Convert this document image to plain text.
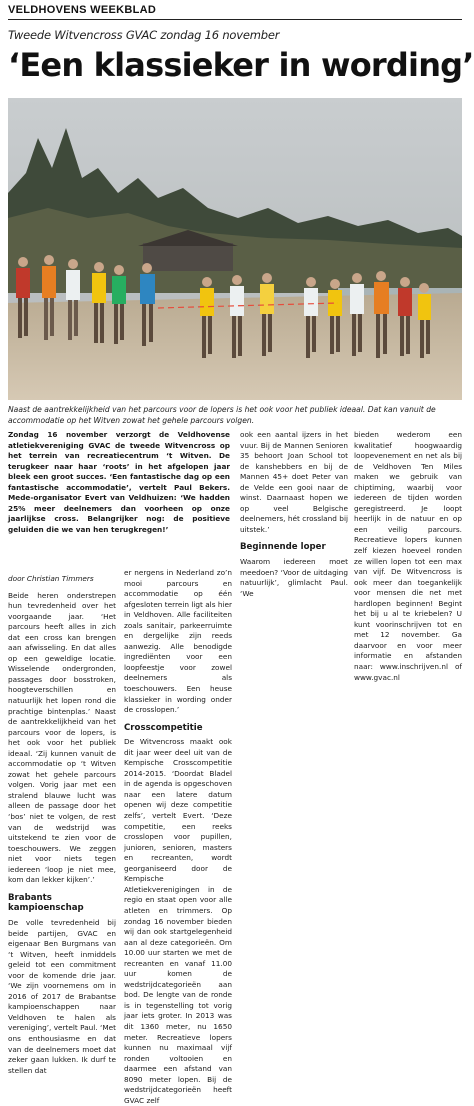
VELDHOVENS WEEKBLAD
Tweede Witvencross GVAC zondag 16 november
‘Een klassieker in wording’
Naast de aantrekkelijkheid van het parcours voor de lopers is het ook voor het publiek ideaal. Dat kan vanuit de accommodatie op het Witven zowat het gehele parcours volgen.

Zondag 16 november verzorgt de Veldhovense atletiekvereniging GVAC de tweede Witvencross op het terrein van recreatiecentrum ‘t Witven. De terugkeer naar haar ‘roots’ in het afgelopen jaar bleek een groot succes. ‘Een fantastische dag op een fantastische accommodatie’, vertelt Paul Bekers. Mede-organisator Evert van Veldhuizen: ‘We hadden 25% meer deelnemers dan voorheen op onze jaarlijkse cross. Belangrijker nog: de positieve geluiden die we van hen terugkregen!’

door Christian Timmers

Beide heren onderstrepen hun tevredenheid over het voorgaande jaar. ‘Het parcours heeft alles in zich dat een cross kan brengen aan afwisseling. En dat alles op een geweldige locatie. Wisselende ondergronden, passages door bosstroken, hoogteverschillen en natuurlijk het lopen rond die prachtige bintenplas.’ Naast de aantrekkelijkheid van het parcours voor de lopers, is het ook voor het publiek ideaal. ‘Zij kunnen vanuit de accommodatie op ‘t Witven zowat het gehele parcours volgen. Vorig jaar met een stralend blauwe lucht was alleen de passage door het ‘bos’ niet te volgen, de rest van de wedstrijd was uitstekend te zien voor de toeschouwers. We zeggen niet voor niets tegen iedereen ‘loop je niet mee, kom dan lekker kijken’.’

Brabants kampioenschap

De volle tevredenheid bij beide partijen, GVAC en eigenaar Ben Burgmans van ‘t Witven, heeft inmiddels geleid tot een commitment voor de komende drie jaar. ‘We zijn voornemens om in 2016 of 2017 de Brabantse kampioenschappen naar Veldhoven te halen als vereniging’, vertelt Paul. ‘Met ons enthousiasme en dat van de deelnemers moet dat zeker gaan lukken. Ik durf te stellen dat

er nergens in Nederland zo’n mooi parcours en accommodatie op één afgesloten terrein ligt als hier in Veldhoven. Alle faciliteiten zoals sanitair, parkeerruimte en dergelijke zijn reeds aanwezig. Alle benodigde ingrediënten voor een loopfeestje voor zowel deelnemers als toeschouwers. Een heuse klassieker in wording onder de crosslopen.’

Crosscompetitie

De Witvencross maakt ook dit jaar weer deel uit van de Kempische Crosscompetitie 2014-2015. ‘Doordat Bladel in de agenda is opgeschoven naar een latere datum openen wij deze competitie zelfs’, vertelt Evert. ‘Deze competitie, een reeks crosslopen voor pupillen, junioren, senioren, masters en recreanten, wordt georganiseerd door de Kempische Atletiekverenigingen in de regio en staat open voor alle atleten en trimmers. Op zondag 16 november bieden wij dan ook startgelegenheid aan al deze categorieën. Om 10.00 uur starten we met de recreanten en vanaf 11.00 uur komen de wedstrijdcategorieën aan bod. De lengte van de ronde is in tegenstelling tot vorig jaar iets groter. In 2013 was dit 1360 meter, nu 1650 meter. Recreatieve lopers kunnen nu maximaal vijf ronden voltooien en daarmee een afstand van 8090 meter lopen. Bij de wedstrijdcategorieën heeft GVAC zelf

ook een aantal ijzers in het vuur. Bij de Mannen Senioren 35 behoort Joan School tot de kanshebbers en bij de Mannen 45+ doet Peter van de Velde een gooi naar de winst. Daarnaast hopen we op veel Belgische deelnemers, hét crossland bij uitstek.’

Beginnende loper

Waarom iedereen moet meedoen? ‘Voor de uitdaging natuurlijk’, glimlacht Paul. ‘We

bieden wederom een kwalitatief hoogwaardig loopevenement en net als bij de Veldhoven Ten Miles maken we gebruik van chiptiming, waarbij voor iedereen de tijden worden geregistreerd. Je loopt heerlijk in de natuur en op een veilig parcours. Recreatieve lopers kunnen zelf kiezen hoeveel ronden ze willen lopen tot een max van vijf. De Witvencross is ook meer dan toegankelijk voor mensen die net met hardlopen beginnen! Begint het bij u al te kriebelen? U kunt voorinschrijven tot en met 12 november. Ga daarvoor en voor meer informatie en afstanden naar: www.inschrijven.nl of www.gvac.nl
